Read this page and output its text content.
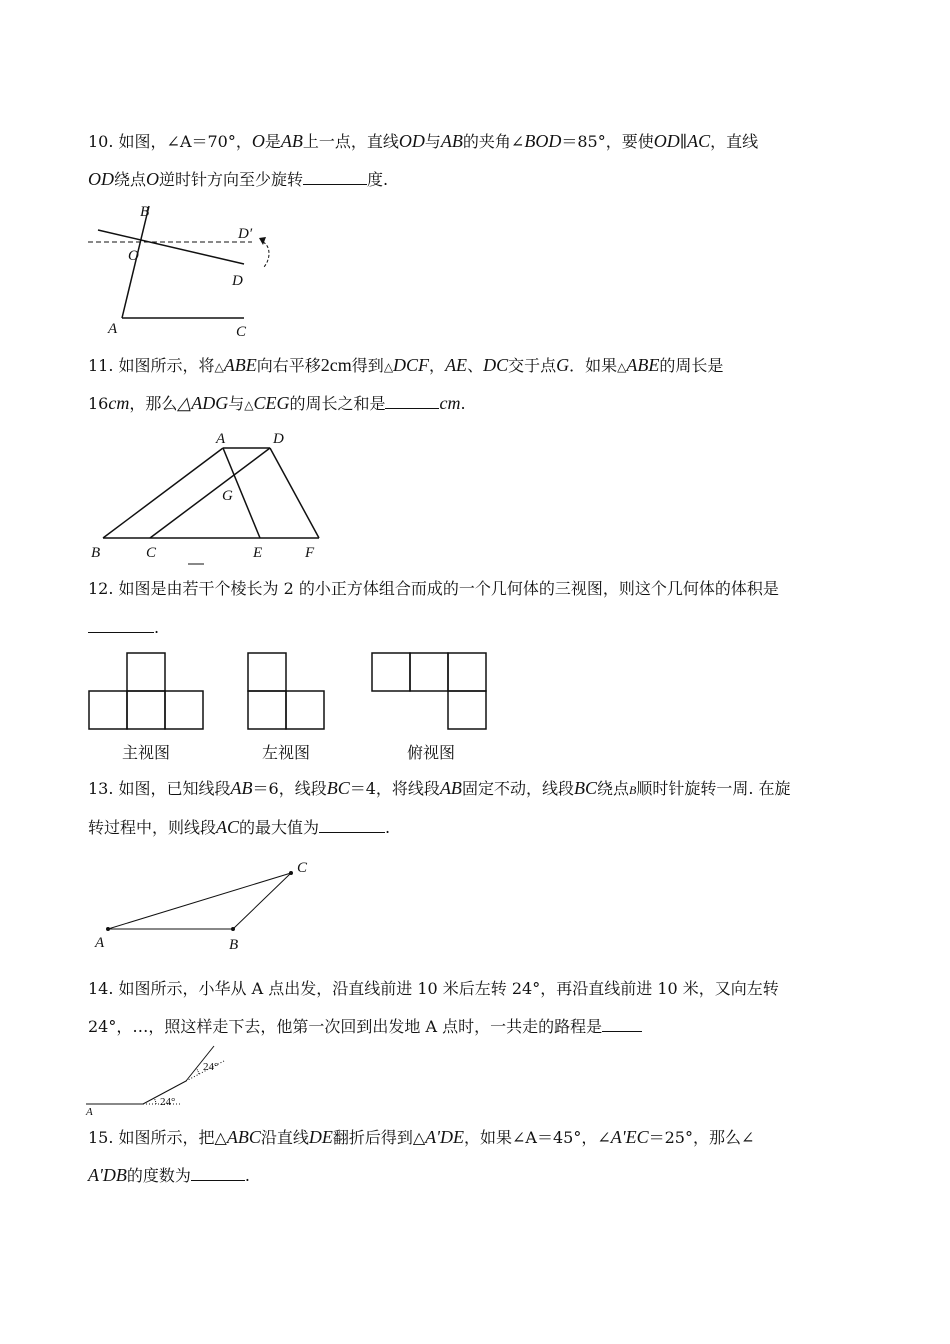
10. 如图，∠A＝70°，O是AB上一点，直线OD与AB的夹角∠BOD＝85°，要使OD∥AC，直线
OD绕点O逆时针方向至少旋转	度.
B
O
D′
D
A	C
11. 如图所示，将△ABE向右平移2cm得到△DCF，AE、DC交于点G．如果△ABE的周长是
16cm，那么△ADG与△CEG的周长之和是	cm.
A	D
G
B	C	E	F
12. 如图是由若干个棱长为 2 的小正方体组合而成的一个几何体的三视图，则这个几何体的体积是
.
主视图	左视图	俯视图
13. 如图，已知线段AB＝6，线段BC＝4，将线段AB固定不动，线段BC绕点B顺时针旋转一周. 在旋
转过程中，则线段AC的最大值为	.
A	B
C
14. 如图所示，小华从 A 点出发，沿直线前进 10 米后左转 24°，再沿直线前进 10 米，又向左转
24°，…，照这样走下去，他第一次回到出发地 A 点时，一共走的路程是
A
24°
24°
15. 如图所示，把△ABC沿直线DE翻折后得到△A'DE，如果∠A＝45°，∠A'EC＝25°，那么∠
A'DB的度数为	.
